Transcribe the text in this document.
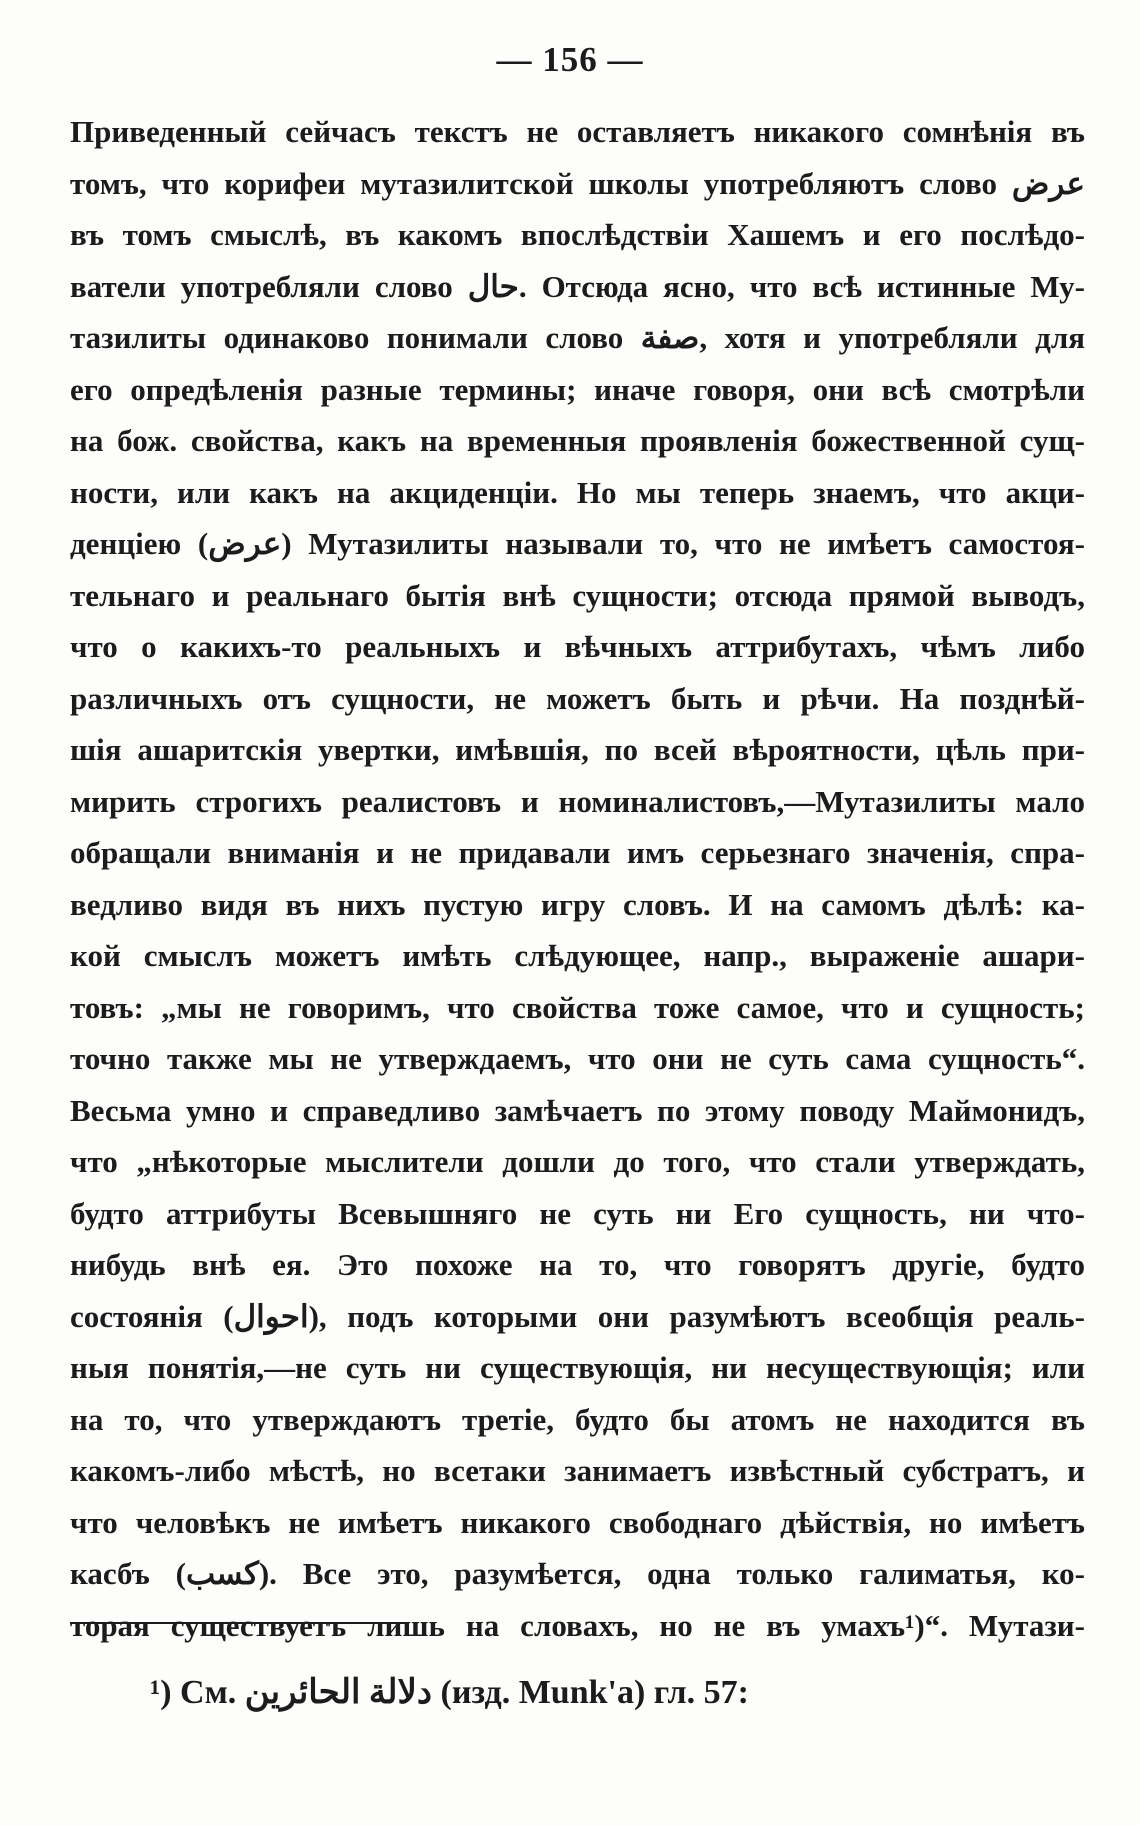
— 156 —
Приведенный сейчасъ текстъ не оставляетъ никакого сомнѣнія въ
томъ, что корифеи мутазилитской школы употребляютъ слово عرض
въ томъ смыслѣ, въ какомъ впослѣдствіи Хашемъ и его послѣдо-
ватели употребляли слово حال. Отсюда ясно, что всѣ истинные Му-
тазилиты одинаково понимали слово صفة, хотя и употребляли для
его опредѣленія разные термины; иначе говоря, они всѣ смотрѣли
на бож. свойства, какъ на временныя проявленія божественной сущ-
ности, или какъ на акциденціи. Но мы теперь знаемъ, что акци-
денціею (عرض) Мутазилиты называли то, что не имѣетъ самостоя-
тельнаго и реальнаго бытія внѣ сущности; отсюда прямой выводъ,
что о какихъ-то реальныхъ и вѣчныхъ аттрибутахъ, чѣмъ либо
различныхъ отъ сущности, не можетъ быть и рѣчи. На позднѣй-
шія ашаритскія увертки, имѣвшія, по всей вѣроятности, цѣль при-
мирить строгихъ реалистовъ и номиналистовъ,—Мутазилиты мало
обращали вниманія и не придавали имъ серьезнаго значенія, спра-
ведливо видя въ нихъ пустую игру словъ. И на самомъ дѣлѣ: ка-
кой смыслъ можетъ имѣть слѣдующее, напр., выраженіе ашари-
товъ: „мы не говоримъ, что свойства тоже самое, что и сущность;
точно также мы не утверждаемъ, что они не суть сама сущность“.
Весьма умно и справедливо замѣчаетъ по этому поводу Маймонидъ,
что „нѣкоторые мыслители дошли до того, что стали утверждать,
будто аттрибуты Всевышняго не суть ни Его сущность, ни что-
нибудь внѣ ея. Это похоже на то, что говорятъ другіе, будто
состоянія (احوال), подъ которыми они разумѣютъ всеобщія реаль-
ныя понятія,—не суть ни существующія, ни несуществующія; или
на то, что утверждаютъ третіе, будто бы атомъ не находится въ
какомъ-либо мѣстѣ, но всетаки занимаетъ извѣстный субстратъ, и
что человѣкъ не имѣетъ никакого свободнаго дѣйствія, но имѣетъ
касбъ (كسب). Все это, разумѣется, одна только галиматья, ко-
торая существуетъ лишь на словахъ, но не въ умахъ¹)“. Мутази-
¹) См. دلالة الحائرين (изд. Munk'а) гл. 57:
